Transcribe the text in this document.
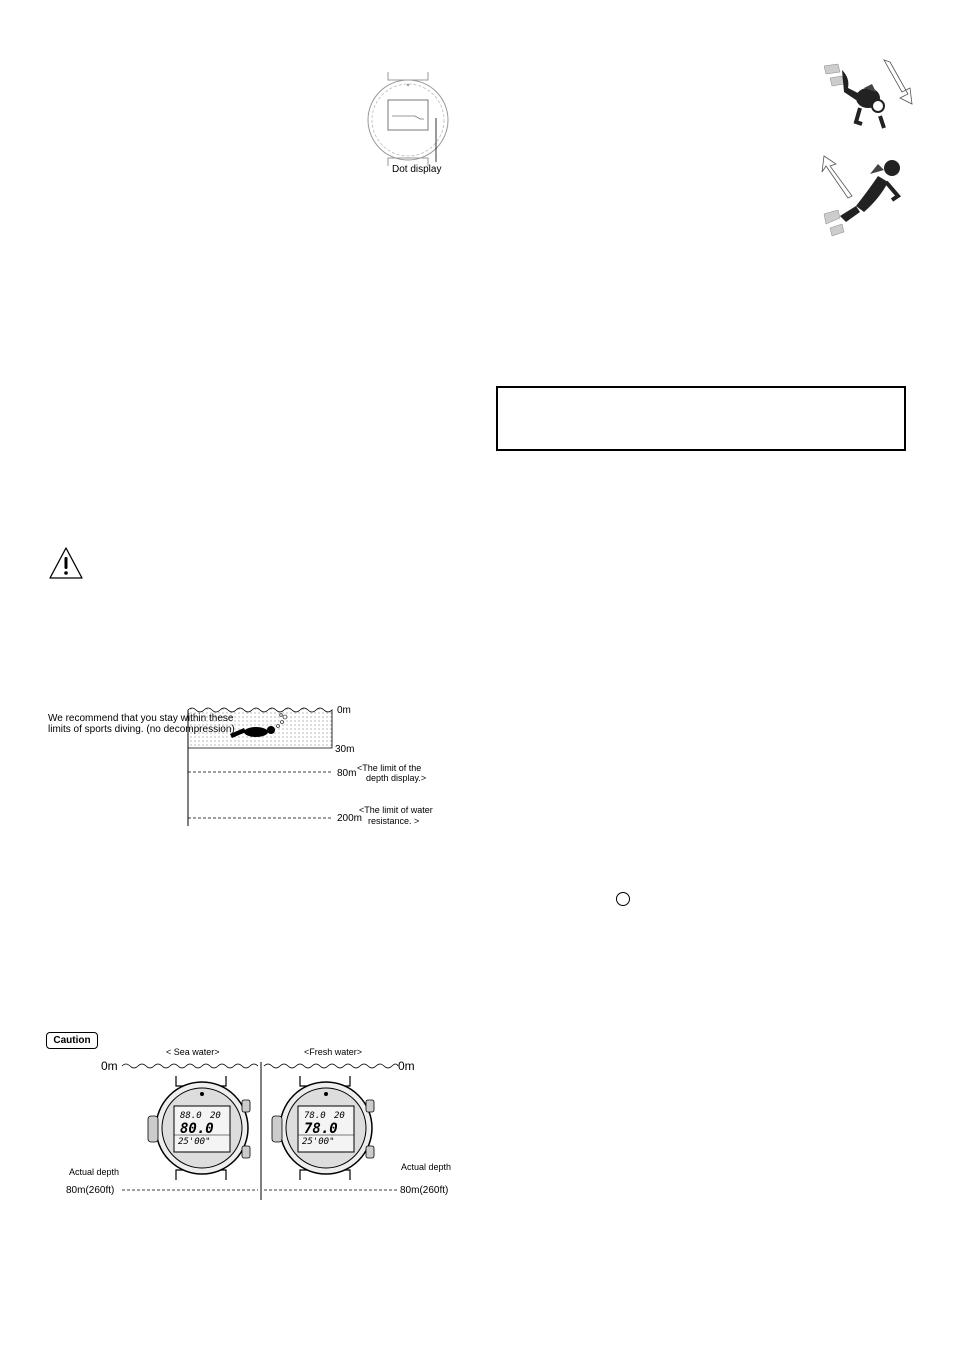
Dot display
We recommend that you stay within these
limits of sports diving. (no decompression)
0m
30m
80m <The limit of the
depth display.>
200m
<The limit of water
resistance. >
Caution
< Sea water>	<Fresh water>
0m	0m
Actual depth	Actual depth
80m(260ft)	80m(260ft)
88.0 20
80.0
25'00"
78.0 20
78.0
25'00"
